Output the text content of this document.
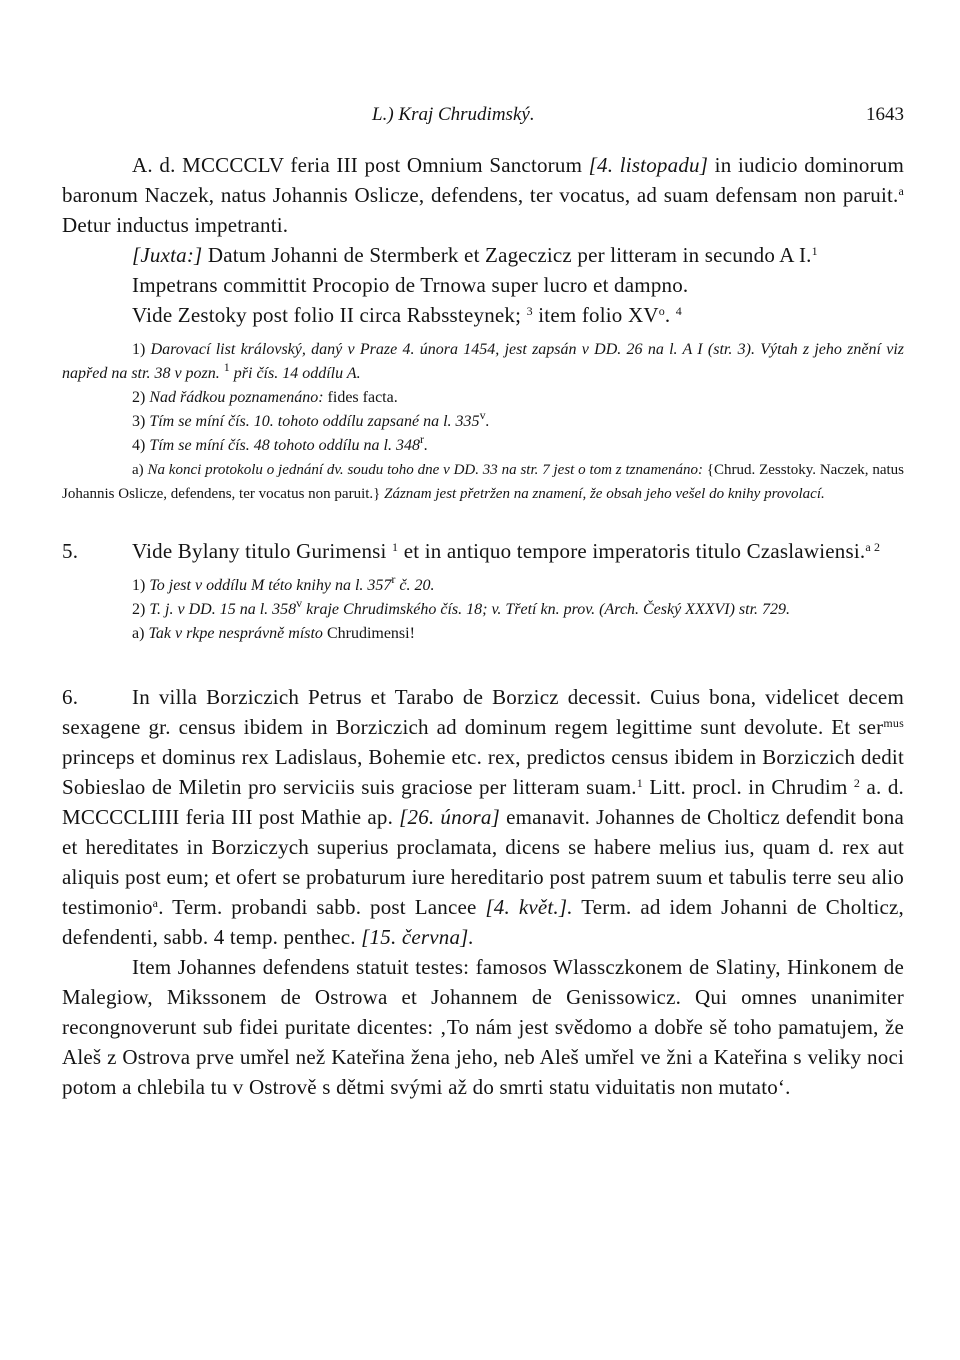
L.) Kraj Chrudimský.	1643

A. d. MCCCCLV feria III post Omnium Sanctorum [4. listopadu] in iudicio dominorum baronum Naczek, natus Johannis Oslicze, defendens, ter vocatus, ad suam defensam non paruit.$^a$ Detur inductus impetranti.

[Juxta:] Datum Johanni de Stermberk et Zageczicz per litteram in secundo A I.$^1$

Impetrans committit Procopio de Trnowa super lucro et dampno.

Vide Zestoky post folio II circa Rabssteynek; $^3$ item folio $XV^o$. $^4$

1) Darovací list královský, daný v Praze 4. února 1454, jest zapsán v DD. 26 na l. A I (str. 3). Výtah z jeho znění viz napřed na str. 38 v pozn. $^1$ při čís. 14 oddílu A.

2) Nad řádkou poznamenáno: fides facta.

3) Tím se míní čís. 10. tohoto oddílu zapsané na l. 335$^v$.

4) Tím se míní čís. 48 tohoto oddílu na l. 348$^r$.

a) Na konci protokolu o jednání dv. soudu toho dne v DD. 33 na str. 7 jest o tom z tznamenáno: {Chrud. Zesstoky. Naczek, natus Johannis Oslicze, defendens, ter vocatus non paruit.} Záznam jest přetržen na znamení, že obsah jeho vešel do knihy provolací.

5.	Vide Bylany titulo Gurimensi $^1$ et in antiquo tempore imperatoris titulo Czaslawiensi.$^{a 2}$

1) To jest v oddílu M této knihy na l. 357$^r$ č. 20.

2) T. j. v DD. 15 na l. 358$^v$ kraje Chrudimského čís. 18; v. Třetí kn. prov. (Arch. Český XXXVI) str. 729.

a) Tak v rkpe nesprávně místo Chrudimensi!

6.	In villa Borziczich Petrus et Tarabo de Borzicz decessit. Cuius bona, videlicet decem sexagene gr. census ibidem in Borziczich ad dominum regem legittime sunt devolute. Et ser$^{mus}$ princeps et dominus rex Ladislaus, Bohemie etc. rex, predictos census ibidem in Borziczich dedit Sobieslao de Miletin pro serviciis suis graciose per litteram suam.$^1$ Litt. procl. in Chrudim $^2$ a. d. MCCCCLIIII feria III post Mathie ap. [26. února] emanavit. Johannes de Cholticz defendit bona et hereditates in Borziczych superius proclamata, dicens se habere melius ius, quam d. rex aut aliquis post eum; et ofert se probaturum iure hereditario post patrem suum et tabulis terre seu alio testimonio$^a$. Term. probandi sabb. post Lancee [4. květ.]. Term. ad idem Johanni de Cholticz, defendenti, sabb. 4 temp. penthec. [15. června].

Item Johannes defendens statuit testes: famosos Wlassczkonem de Slatiny, Hinkonem de Malegiow, Mikssonem de Ostrowa et Johannem de Genissowicz. Qui omnes unanimiter recongnoverunt sub fidei puritate dicentes: ‚To nám jest svědomo a dobře sě toho pamatujem, že Aleš z Ostrova prve umřel než Kateřina žena jeho, neb Aleš umřel ve žni a Kateřina s veliky noci potom a chlebila tu v Ostrově s dětmi svými až do smrti statu viduitatis non mutato‘.
